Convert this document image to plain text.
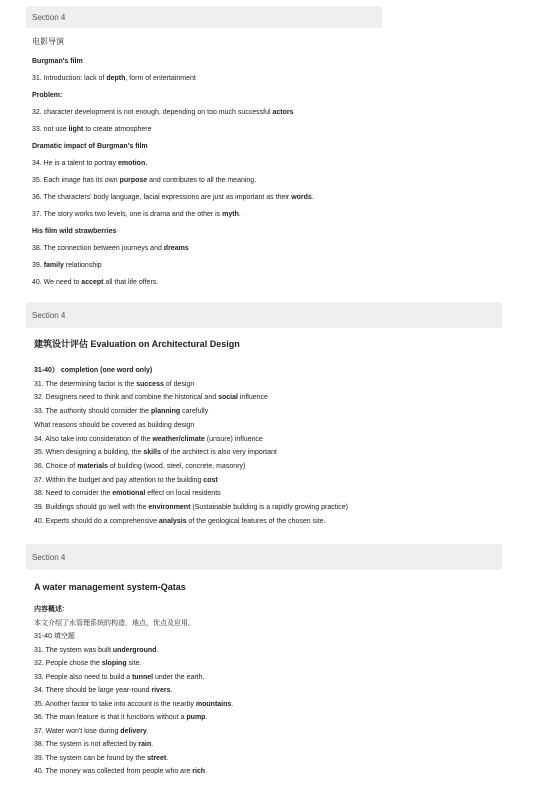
Section 4
电影导演
Burgman's film
31. Introduction: lack of depth, form of entertainment
Problem:
32. character development is not enough, depending on too much successful actors
33. not use light to create atmosphere
Dramatic impact of Burgman's film
34. He is a talent to portray emotion.
35. Each image has its own purpose and contributes to all the meaning.
36. The characters' body language, facial expressions are just as important as their words.
37. The story works two levels, one is drama and the other is myth.
His film wild strawberries
38. The connection between journeys and dreams
39. family relationship
40. We need to accept all that life offers.
Section 4
建筑设计评估 Evaluation on Architectural Design
31-40） completion (one word only)
31. The determining factor is the success of design
32. Designers need to think and combine the historical and social influence
33. The authority should consider the planning carefully
What reasons should be covered as building design
34. Also take into consideration of the weather/climate (unsure) influence
35. When designing a building, the skills of the architect is also very important
36. Choice of materials of building (wood, steel, concrete, masonry)
37. Within the budget and pay attention to the building cost
38. Need to consider the emotional effect on local residents
39. Buildings should go well with the environment (Sustainable building is a rapidly growing practice)
40. Experts should do a comprehensive analysis of the geological features of the chosen site.
Section 4
A water management system-Qatas
内容概述:
本文介绍了水管理系统的构造，地点，优点及应用。
31-40 填空题
31. The system was built underground.
32. People chose the sloping site.
33. People also need to build a tunnel under the earth.
34. There should be large year-round rivers.
35. Another factor to take into account is the nearby mountains.
36. The main feature is that it functions without a pump.
37. Water won't lose during delivery.
38. The system is not affected by rain.
39. The system can be found by the street.
40. The money was collected from people who are rich.
